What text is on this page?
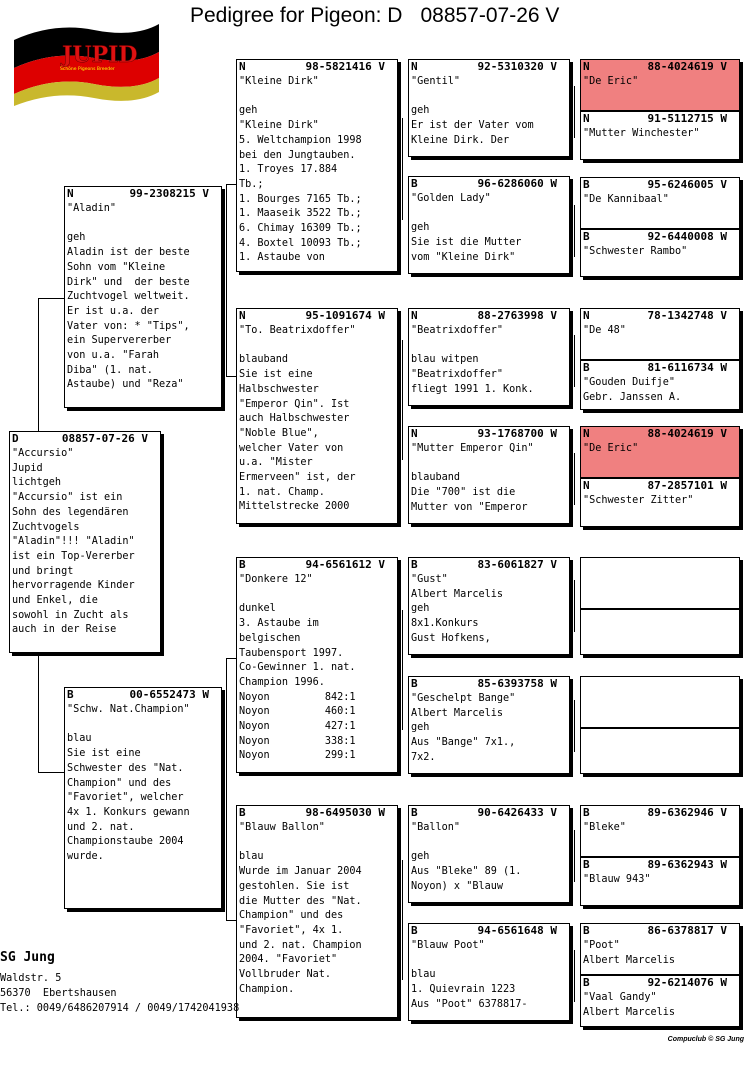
Pedigree for Pigeon: D 08857-07-26 V
JUPID
Schöne Pigeons Breeder
D	08857-07-26 V
"Accursio"
Jupid
lichtgeh
"Accursio" ist ein
Sohn des legendären
Zuchtvogels
"Aladin"!!! "Aladin"
ist ein Top-Vererber
und bringt
hervorragende Kinder
und Enkel, die
sowohl in Zucht als
auch in der Reise
N	99-2308215 V
"Aladin"

geh
Aladin ist der beste
Sohn vom "Kleine
Dirk" und  der beste
Zuchtvogel weltweit.
Er ist u.a. der
Vater von: * "Tips",
ein Supervererber
von u.a. "Farah
Diba" (1. nat.
Astaube) und "Reza"
B	00-6552473 W
"Schw. Nat.Champion"

blau
Sie ist eine
Schwester des "Nat.
Champion" und des
"Favoriet", welcher
4x 1. Konkurs gewann
und 2. nat.
Championstaube 2004
wurde.
N	98-5821416 V
"Kleine Dirk"

geh
"Kleine Dirk"
5. Weltchampion 1998
bei den Jungtauben.
1. Troyes 17.884
Tb.;
1. Bourges 7165 Tb.;
1. Maaseik 3522 Tb.;
6. Chimay 16309 Tb.;
4. Boxtel 10093 Tb.;
1. Astaube von
N	95-1091674 W
"To. Beatrixdoffer"

blauband
Sie ist eine
Halbschwester
"Emperor Qin". Ist
auch Halbschwester
"Noble Blue",
welcher Vater von
u.a. "Mister
Ermerveen" ist, der
1. nat. Champ.
Mittelstrecke 2000
B	94-6561612 V
"Donkere 12"

dunkel
3. Astaube im
belgischen
Taubensport 1997.
Co-Gewinner 1. nat.
Champion 1996.
Noyon         842:1
Noyon         460:1
Noyon         427:1
Noyon         338:1
Noyon         299:1
B	98-6495030 W
"Blauw Ballon"

blau
Wurde im Januar 2004
gestohlen. Sie ist
die Mutter des "Nat.
Champion" und des
"Favoriet", 4x 1.
und 2. nat. Champion
2004. "Favoriet"
Vollbruder Nat.
Champion.
N	92-5310320 V
"Gentil"

geh
Er ist der Vater vom
Kleine Dirk. Der
B	96-6286060 W
"Golden Lady"

geh
Sie ist die Mutter
vom "Kleine Dirk"
N	88-2763998 V
"Beatrixdoffer"

blau witpen
"Beatrixdoffer"
fliegt 1991 1. Konk.
N	93-1768700 W
"Mutter Emperor Qin"

blauband
Die "700" ist die
Mutter von "Emperor
B	83-6061827 V
"Gust"
Albert Marcelis
geh
8x1.Konkurs
Gust Hofkens,
B	85-6393758 W
"Geschelpt Bange"
Albert Marcelis
geh
Aus "Bange" 7x1.,
7x2.
B	90-6426433 V
"Ballon"

geh
Aus "Bleke" 89 (1.
Noyon) x "Blauw
B	94-6561648 W
"Blauw Poot"

blau
1. Quievrain 1223
Aus "Poot" 6378817-
N	88-4024619 V
"De Eric"
N	91-5112715 W
"Mutter Winchester"
B	95-6246005 V
"De Kannibaal"
B	92-6440008 W
"Schwester Rambo"
N	78-1342748 V
"De 48"
B	81-6116734 W
"Gouden Duifje"
Gebr. Janssen A.
N	88-4024619 V
"De Eric"
N	87-2857101 W
"Schwester Zitter"
B	89-6362946 V
"Bleke"
B	89-6362943 W
"Blauw 943"
B	86-6378817 V
"Poot"
Albert Marcelis
B	92-6214076 W
"Vaal Gandy"
Albert Marcelis
SG Jung
Waldstr. 5
56370  Ebertshausen
Tel.: 0049/6486207914 / 0049/1742041938
Compuclub © SG Jung
